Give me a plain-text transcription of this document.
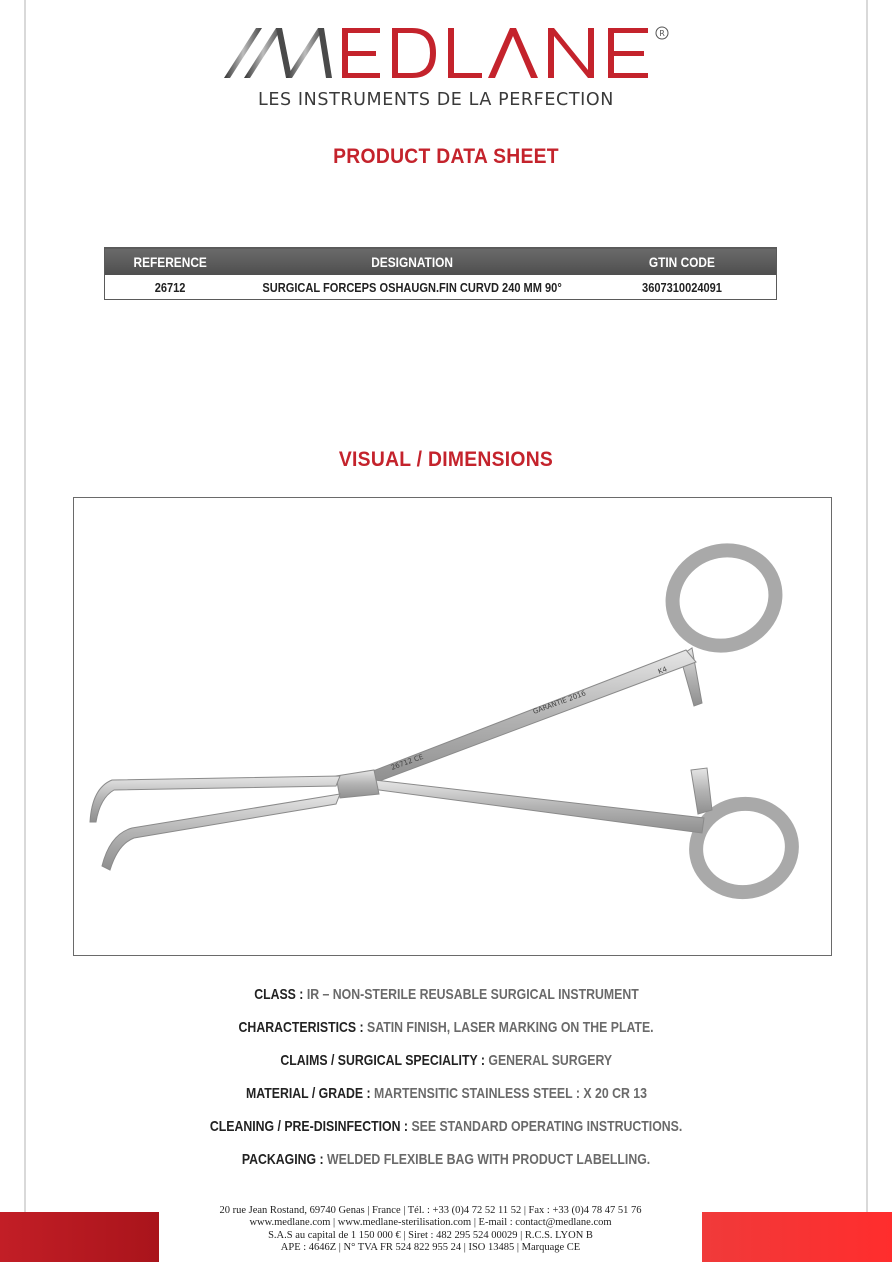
R
LES INSTRUMENTS DE LA PERFECTION
PRODUCT DATA SHEET
REFERENCE	DESIGNATION	GTIN CODE
26712	SURGICAL FORCEPS OSHAUGN.FIN CURVD 240 MM 90°	3607310024091
VISUAL / DIMENSIONS
GARANTIE 2016
26712 CE
K4
CLASS : IR – NON-STERILE REUSABLE SURGICAL INSTRUMENT
CHARACTERISTICS : SATIN FINISH, LASER MARKING ON THE PLATE.
CLAIMS / SURGICAL SPECIALITY : GENERAL SURGERY
MATERIAL / GRADE : MARTENSITIC STAINLESS STEEL : X 20 CR 13
CLEANING / PRE-DISINFECTION : SEE STANDARD OPERATING INSTRUCTIONS.
PACKAGING : WELDED FLEXIBLE BAG WITH PRODUCT LABELLING.
20 rue Jean Rostand, 69740 Genas | France | Tél. : +33 (0)4 72 52 11 52 | Fax : +33 (0)4 78 47 51 76
www.medlane.com | www.medlane-sterilisation.com | E-mail : contact@medlane.com
S.A.S au capital de 1 150 000 € | Siret : 482 295 524 00029 | R.C.S. LYON B
APE : 4646Z | N° TVA FR 524 822 955 24 | ISO 13485 | Marquage CE
